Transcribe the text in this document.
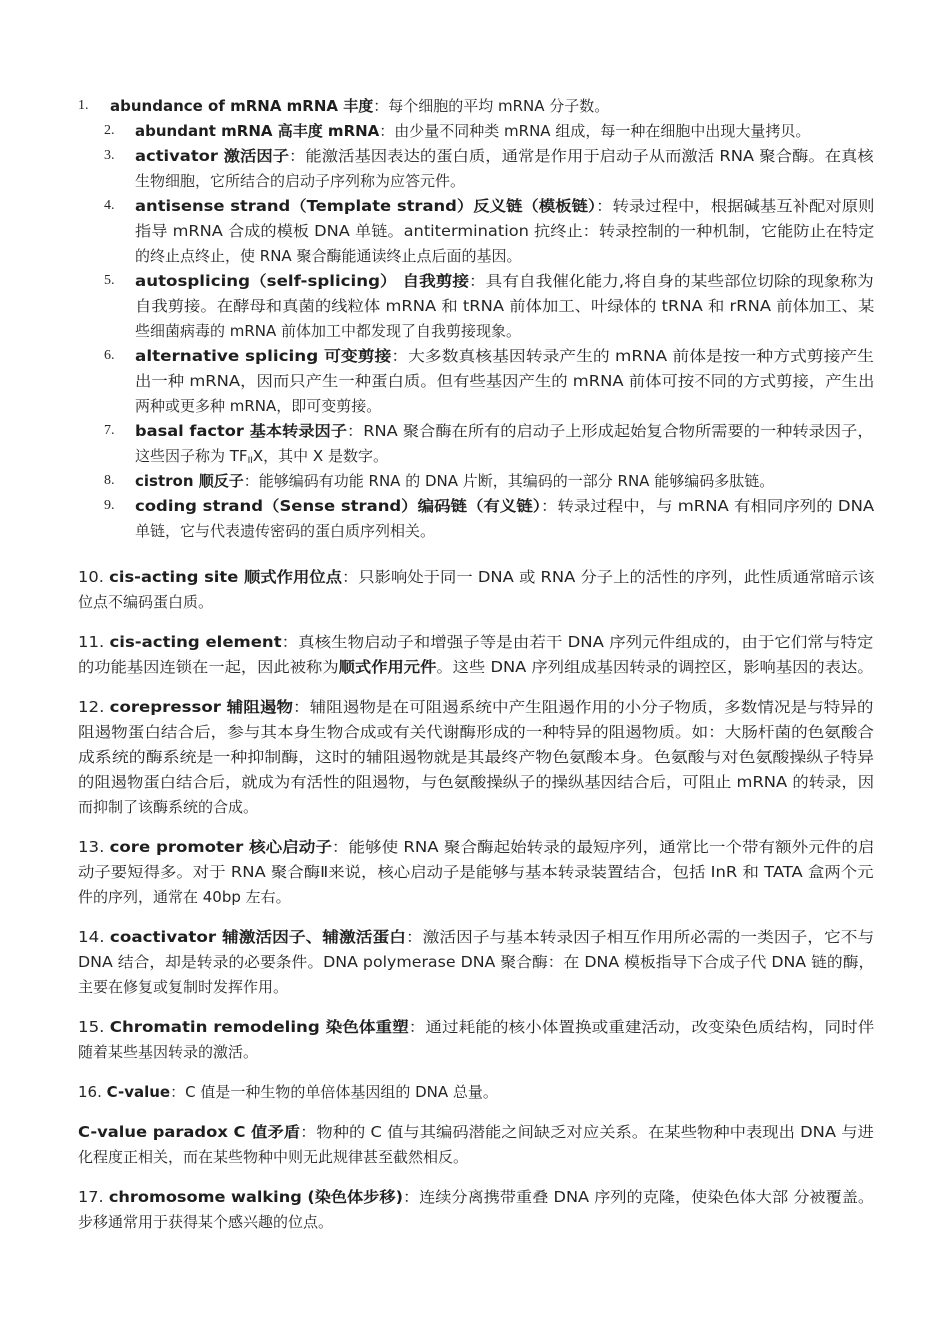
1. abundance of mRNA mRNA 丰度：每个细胞的平均 mRNA 分子数。
2. abundant mRNA 高丰度 mRNA：由少量不同种类 mRNA 组成，每一种在细胞中出现大量拷贝。
3. activator 激活因子：能激活基因表达的蛋白质，通常是作用于启动子从而激活 RNA 聚合酶。在真核
生物细胞，它所结合的启动子序列称为应答元件。
4. antisense strand（Template strand）反义链（模板链）：转录过程中，根据碱基互补配对原则
指导 mRNA 合成的模板 DNA 单链。antitermination 抗终止：转录控制的一种机制，它能防止在特定
的终止点终止，使 RNA 聚合酶能通读终止点后面的基因。
5. autosplicing（self-splicing） 自我剪接：具有自我催化能力,将自身的某些部位切除的现象称为
自我剪接。在酵母和真菌的线粒体 mRNA 和 tRNA 前体加工、叶绿体的 tRNA 和 rRNA 前体加工、某
些细菌病毒的 mRNA 前体加工中都发现了自我剪接现象。
6. alternative splicing 可变剪接：大多数真核基因转录产生的 mRNA 前体是按一种方式剪接产生
出一种 mRNA，因而只产生一种蛋白质。但有些基因产生的 mRNA 前体可按不同的方式剪接，产生出
两种或更多种 mRNA，即可变剪接。
7. basal factor 基本转录因子：RNA 聚合酶在所有的启动子上形成起始复合物所需要的一种转录因子，
这些因子称为 $TF_{II}X$，其中 X 是数字。
8. cistron 顺反子：能够编码有功能 RNA 的 DNA 片断，其编码的一部分 RNA 能够编码多肽链。
9. coding strand（Sense strand）编码链（有义链）：转录过程中，与 mRNA 有相同序列的 DNA
单链，它与代表遗传密码的蛋白质序列相关。
10. cis-acting site 顺式作用位点：只影响处于同一 DNA 或 RNA 分子上的活性的序列，此性质通常暗示该
位点不编码蛋白质。
11. cis-acting element：真核生物启动子和增强子等是由若干 DNA 序列元件组成的，由于它们常与特定
的功能基因连锁在一起，因此被称为顺式作用元件。这些 DNA 序列组成基因转录的调控区，影响基因的表达。
12. corepressor 辅阻遏物：辅阻遏物是在可阻遏系统中产生阻遏作用的小分子物质，多数情况是与特异的
阻遏物蛋白结合后，参与其本身生物合成或有关代谢酶形成的一种特异的阻遏物质。如：大肠杆菌的色氨酸合
成系统的酶系统是一种抑制酶，这时的辅阻遏物就是其最终产物色氨酸本身。色氨酸与对色氨酸操纵子特异
的阻遏物蛋白结合后，就成为有活性的阻遏物，与色氨酸操纵子的操纵基因结合后，可阻止 mRNA 的转录，因
而抑制了该酶系统的合成。
13. core promoter 核心启动子：能够使 RNA 聚合酶起始转录的最短序列，通常比一个带有额外元件的启
动子要短得多。对于 RNA 聚合酶Ⅱ来说，核心启动子是能够与基本转录装置结合，包括 InR 和 TATA 盒两个元
件的序列，通常在 40bp 左右。
14. coactivator 辅激活因子、辅激活蛋白：激活因子与基本转录因子相互作用所必需的一类因子，它不与
DNA 结合，却是转录的必要条件。DNA polymerase DNA 聚合酶：在 DNA 模板指导下合成子代 DNA 链的酶，
主要在修复或复制时发挥作用。
15. Chromatin remodeling 染色体重塑：通过耗能的核小体置换或重建活动，改变染色质结构，同时伴
随着某些基因转录的激活。
16. C-value：C 值是一种生物的单倍体基因组的 DNA 总量。
C-value paradox C 值矛盾：物种的 C 值与其编码潜能之间缺乏对应关系。在某些物种中表现出 DNA 与进
化程度正相关，而在某些物种中则无此规律甚至截然相反。
17. chromosome walking (染色体步移)：连续分离携带重叠 DNA 序列的克隆，使染色体大部 分被覆盖。
步移通常用于获得某个感兴趣的位点。
